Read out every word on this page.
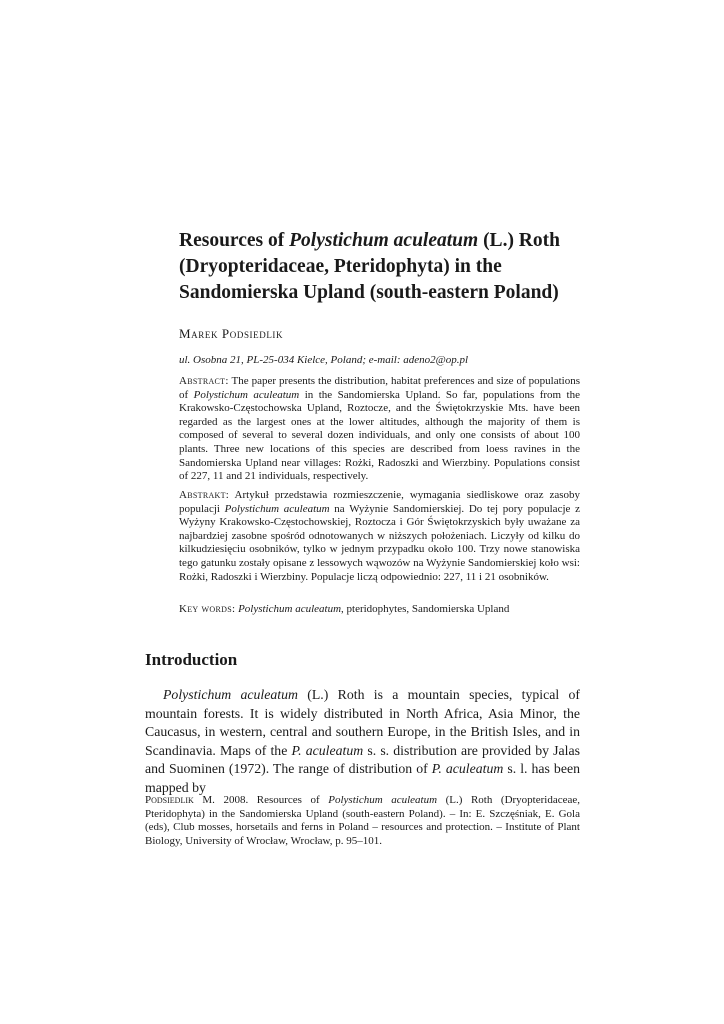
Resources of Polystichum aculeatum (L.) Roth (Dryopteridaceae, Pteridophyta) in the Sandomierska Upland (south-eastern Poland)
Marek Podsiedlik
ul. Osobna 21, PL-25-034 Kielce, Poland; e-mail: adeno2@op.pl

Abstract: The paper presents the distribution, habitat preferences and size of populations of Polystichum aculeatum in the Sandomierska Upland. So far, populations from the Krakowsko-Częstochowska Upland, Roztocze, and the Świętokrzyskie Mts. have been regarded as the largest ones at the lower altitudes, although the majority of them is composed of several to several dozen individuals, and only one consists of about 100 plants. Three new locations of this species are described from loess ravines in the Sandomierska Upland near villages: Rożki, Radoszki and Wierzbiny. Populations consist of 227, 11 and 21 individuals, respectively.

Abstrakt: Artykuł przedstawia rozmieszczenie, wymagania siedliskowe oraz zasoby populacji Polystichum aculeatum na Wyżynie Sandomierskiej. Do tej pory populacje z Wyżyny Krakowsko-Częstochowskiej, Roztocza i Gór Świętokrzyskich były uważane za najbardziej zasobne spośród odnotowanych w niższych położeniach. Liczyły od kilku do kilkudziesięciu osobników, tylko w jednym przypadku około 100. Trzy nowe stanowiska tego gatunku zostały opisane z lessowych wąwozów na Wyżynie Sandomierskiej koło wsi: Rożki, Radoszki i Wierzbiny. Populacje liczą odpowiednio: 227, 11 i 21 osobników.

Key words: Polystichum aculeatum, pteridophytes, Sandomierska Upland

Introduction

Polystichum aculeatum (L.) Roth is a mountain species, typical of mountain forests. It is widely distributed in North Africa, Asia Minor, the Caucasus, in western, central and southern Europe, in the British Isles, and in Scandinavia. Maps of the P. aculeatum s. s. distribution are provided by Jalas and Suominen (1972). The range of distribution of P. aculeatum s. l. has been mapped by

Podsiedlik M. 2008. Resources of Polystichum aculeatum (L.) Roth (Dryopteridaceae, Pteridophyta) in the Sandomierska Upland (south-eastern Poland). – In: E. Szczęśniak, E. Gola (eds), Club mosses, horsetails and ferns in Poland – resources and protection. – Institute of Plant Biology, University of Wrocław, Wrocław, p. 95–101.
